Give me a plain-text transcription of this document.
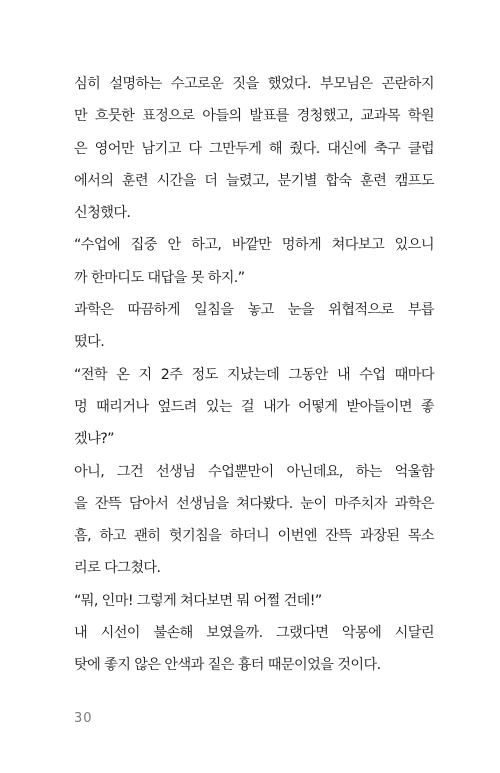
심히 설명하는 수고로운 짓을 했었다. 부모님은 곤란하지
만 흐뭇한 표정으로 아들의 발표를 경청했고, 교과목 학원
은 영어만 남기고 다 그만두게 해 줬다. 대신에 축구 클럽
에서의 훈련 시간을 더 늘렸고, 분기별 합숙 훈련 캠프도
신청했다.
“수업에 집중 안 하고, 바깥만 멍하게 쳐다보고 있으니
까 한마디도 대답을 못 하지.”
과학은 따끔하게 일침을 놓고 눈을 위협적으로 부릅
떴다.
“전학 온 지 2주 정도 지났는데 그동안 내 수업 때마다
멍 때리거나 엎드려 있는 걸 내가 어떻게 받아들이면 좋
겠냐?”
아니, 그건 선생님 수업뿐만이 아닌데요, 하는 억울함
을 잔뜩 담아서 선생님을 쳐다봤다. 눈이 마주치자 과학은
흠, 하고 괜히 헛기침을 하더니 이번엔 잔뜩 과장된 목소
리로 다그쳤다.
“뭐, 인마! 그렇게 쳐다보면 뭐 어쩔 건데!”
내 시선이 불손해 보였을까. 그랬다면 악몽에 시달린
탓에 좋지 않은 안색과 짙은 흉터 때문이었을 것이다.
30
